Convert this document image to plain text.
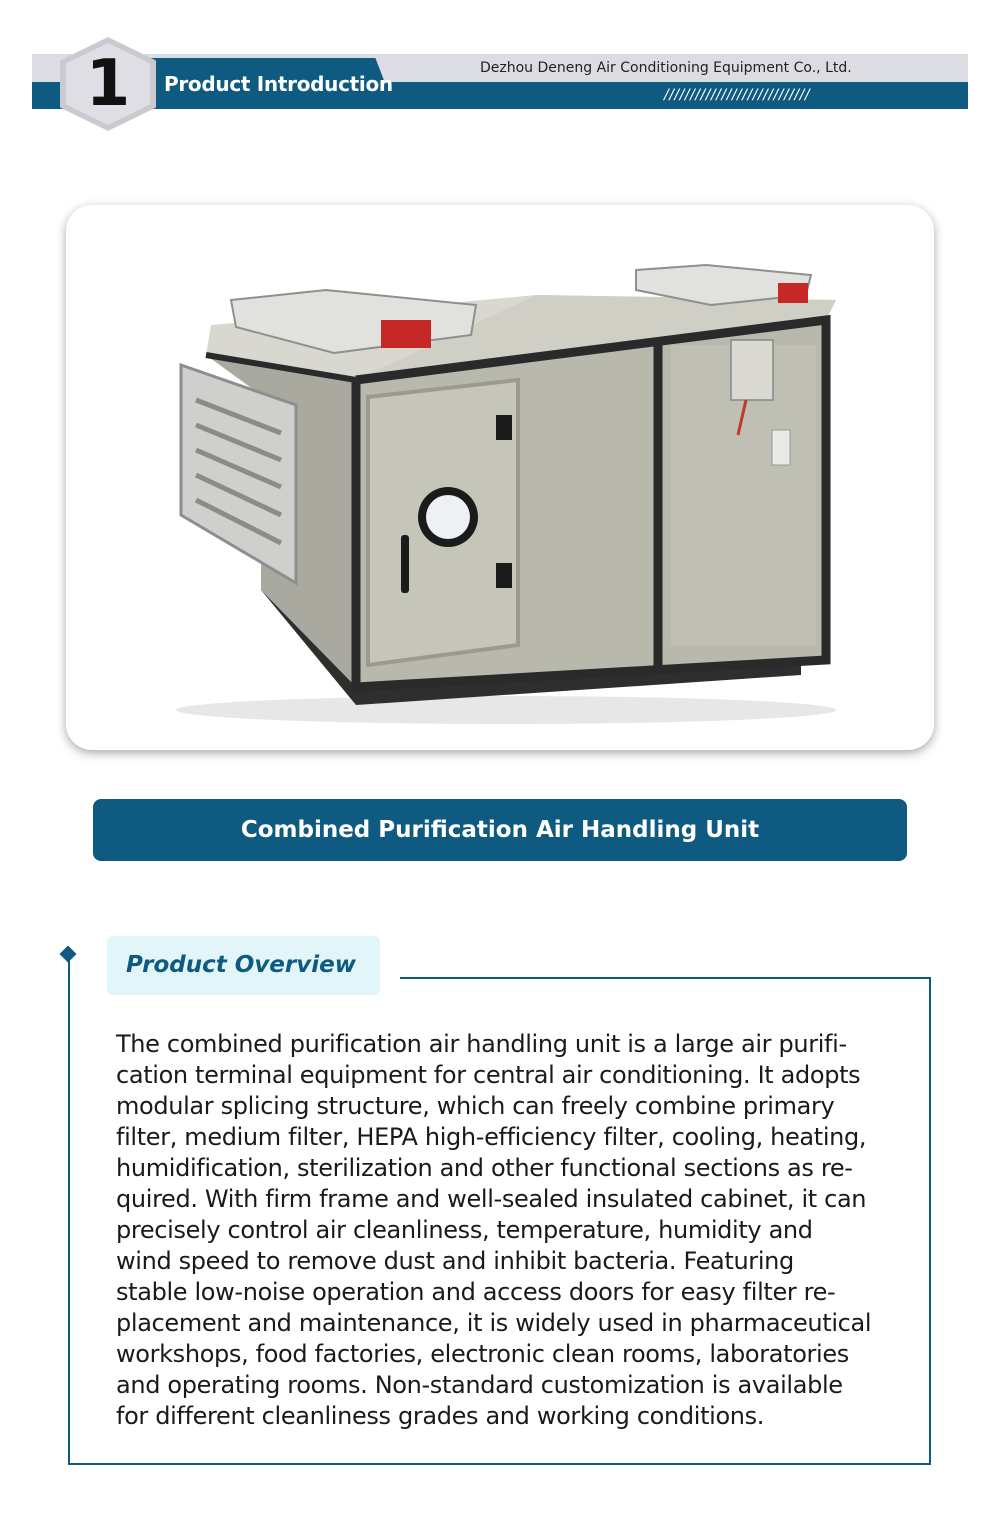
Product Introduction
1	Dezhou Deneng Air Conditioning Equipment Co., Ltd.
////////////////////////////
Combined Purification Air Handling Unit
Product Overview
The combined purification air handling unit is a large air purifi-
cation terminal equipment for central air conditioning. It adopts
modular splicing structure, which can freely combine primary
filter, medium filter, HEPA high-efficiency filter, cooling, heating,
humidification, sterilization and other functional sections as re-
quired. With firm frame and well-sealed insulated cabinet, it can
precisely control air cleanliness, temperature, humidity and
wind speed to remove dust and inhibit bacteria. Featuring
stable low-noise operation and access doors for easy filter re-
placement and maintenance, it is widely used in pharmaceutical
workshops, food factories, electronic clean rooms, laboratories
and operating rooms. Non-standard customization is available
for different cleanliness grades and working conditions.
